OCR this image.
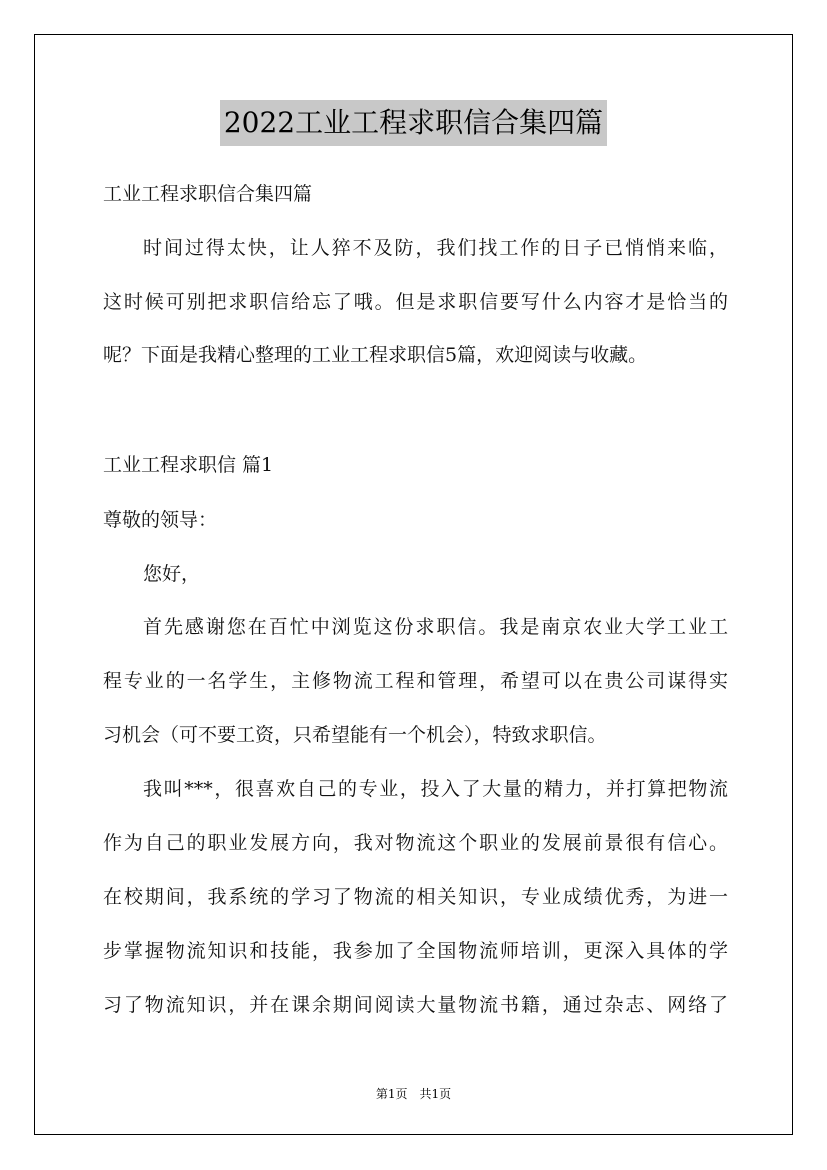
2022工业工程求职信合集四篇
工业工程求职信合集四篇
时间过得太快，让人猝不及防，我们找工作的日子已悄悄来临，
这时候可别把求职信给忘了哦。但是求职信要写什么内容才是恰当的
呢？下面是我精心整理的工业工程求职信5篇，欢迎阅读与收藏。
工业工程求职信 篇1
尊敬的领导：
您好，
首先感谢您在百忙中浏览这份求职信。我是南京农业大学工业工
程专业的一名学生，主修物流工程和管理，希望可以在贵公司谋得实
习机会（可不要工资，只希望能有一个机会），特致求职信。
我叫***，很喜欢自己的专业，投入了大量的精力，并打算把物流
作为自己的职业发展方向，我对物流这个职业的发展前景很有信心。
在校期间，我系统的学习了物流的相关知识，专业成绩优秀，为进一
步掌握物流知识和技能，我参加了全国物流师培训，更深入具体的学
习了物流知识，并在课余期间阅读大量物流书籍，通过杂志、网络了
第1页　共1页
